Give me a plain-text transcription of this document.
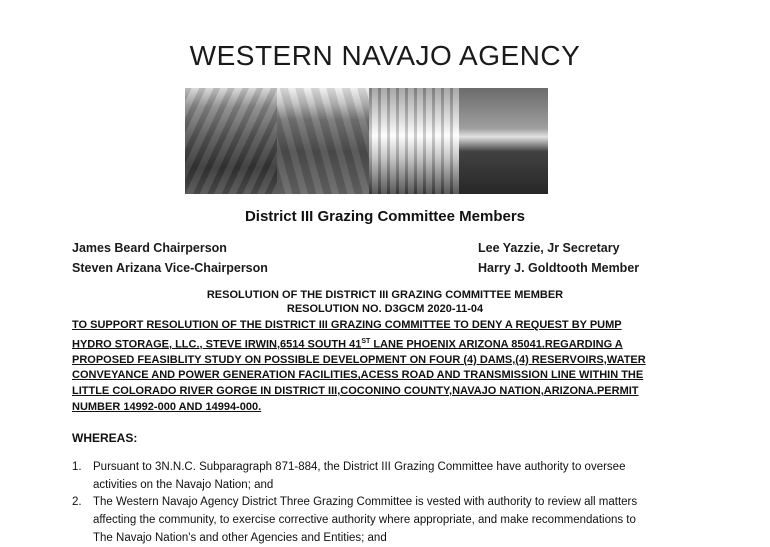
WESTERN NAVAJO AGENCY
District III Grazing Committee Members
James Beard Chairperson
Steven Arizana Vice-Chairperson
Lee Yazzie, Jr Secretary
Harry J. Goldtooth Member
RESOLUTION OF THE DISTRICT III GRAZING COMMITTEE MEMBER
RESOLUTION NO. D3GCM 2020-11-04
TO SUPPORT RESOLUTION OF THE DISTRICT III GRAZING COMMITTEE TO DENY A REQUEST BY PUMP HYDRO STORAGE, LLC., STEVE IRWIN,6514 SOUTH 41ST LANE PHOENIX ARIZONA 85041.REGARDING A PROPOSED FEASIBLITY STUDY ON POSSIBLE DEVELOPMENT ON FOUR (4) DAMS,(4) RESERVOIRS,WATER CONVEYANCE AND POWER GENERATION FACILITIES,ACESS ROAD AND TRANSMISSION LINE WITHIN THE LITTLE COLORADO RIVER GORGE IN DISTRICT III,COCONINO COUNTY,NAVAJO NATION,ARIZONA.PERMIT NUMBER 14992-000 AND 14994-000.
WHEREAS:
1. Pursuant to 3N.N.C. Subparagraph 871-884, the District III Grazing Committee have authority to oversee activities on the Navajo Nation; and
2. The Western Navajo Agency District Three Grazing Committee is vested with authority to review all matters affecting the community, to exercise corrective authority where appropriate, and make recommendations to The Navajo Nation's and other Agencies and Entities; and
